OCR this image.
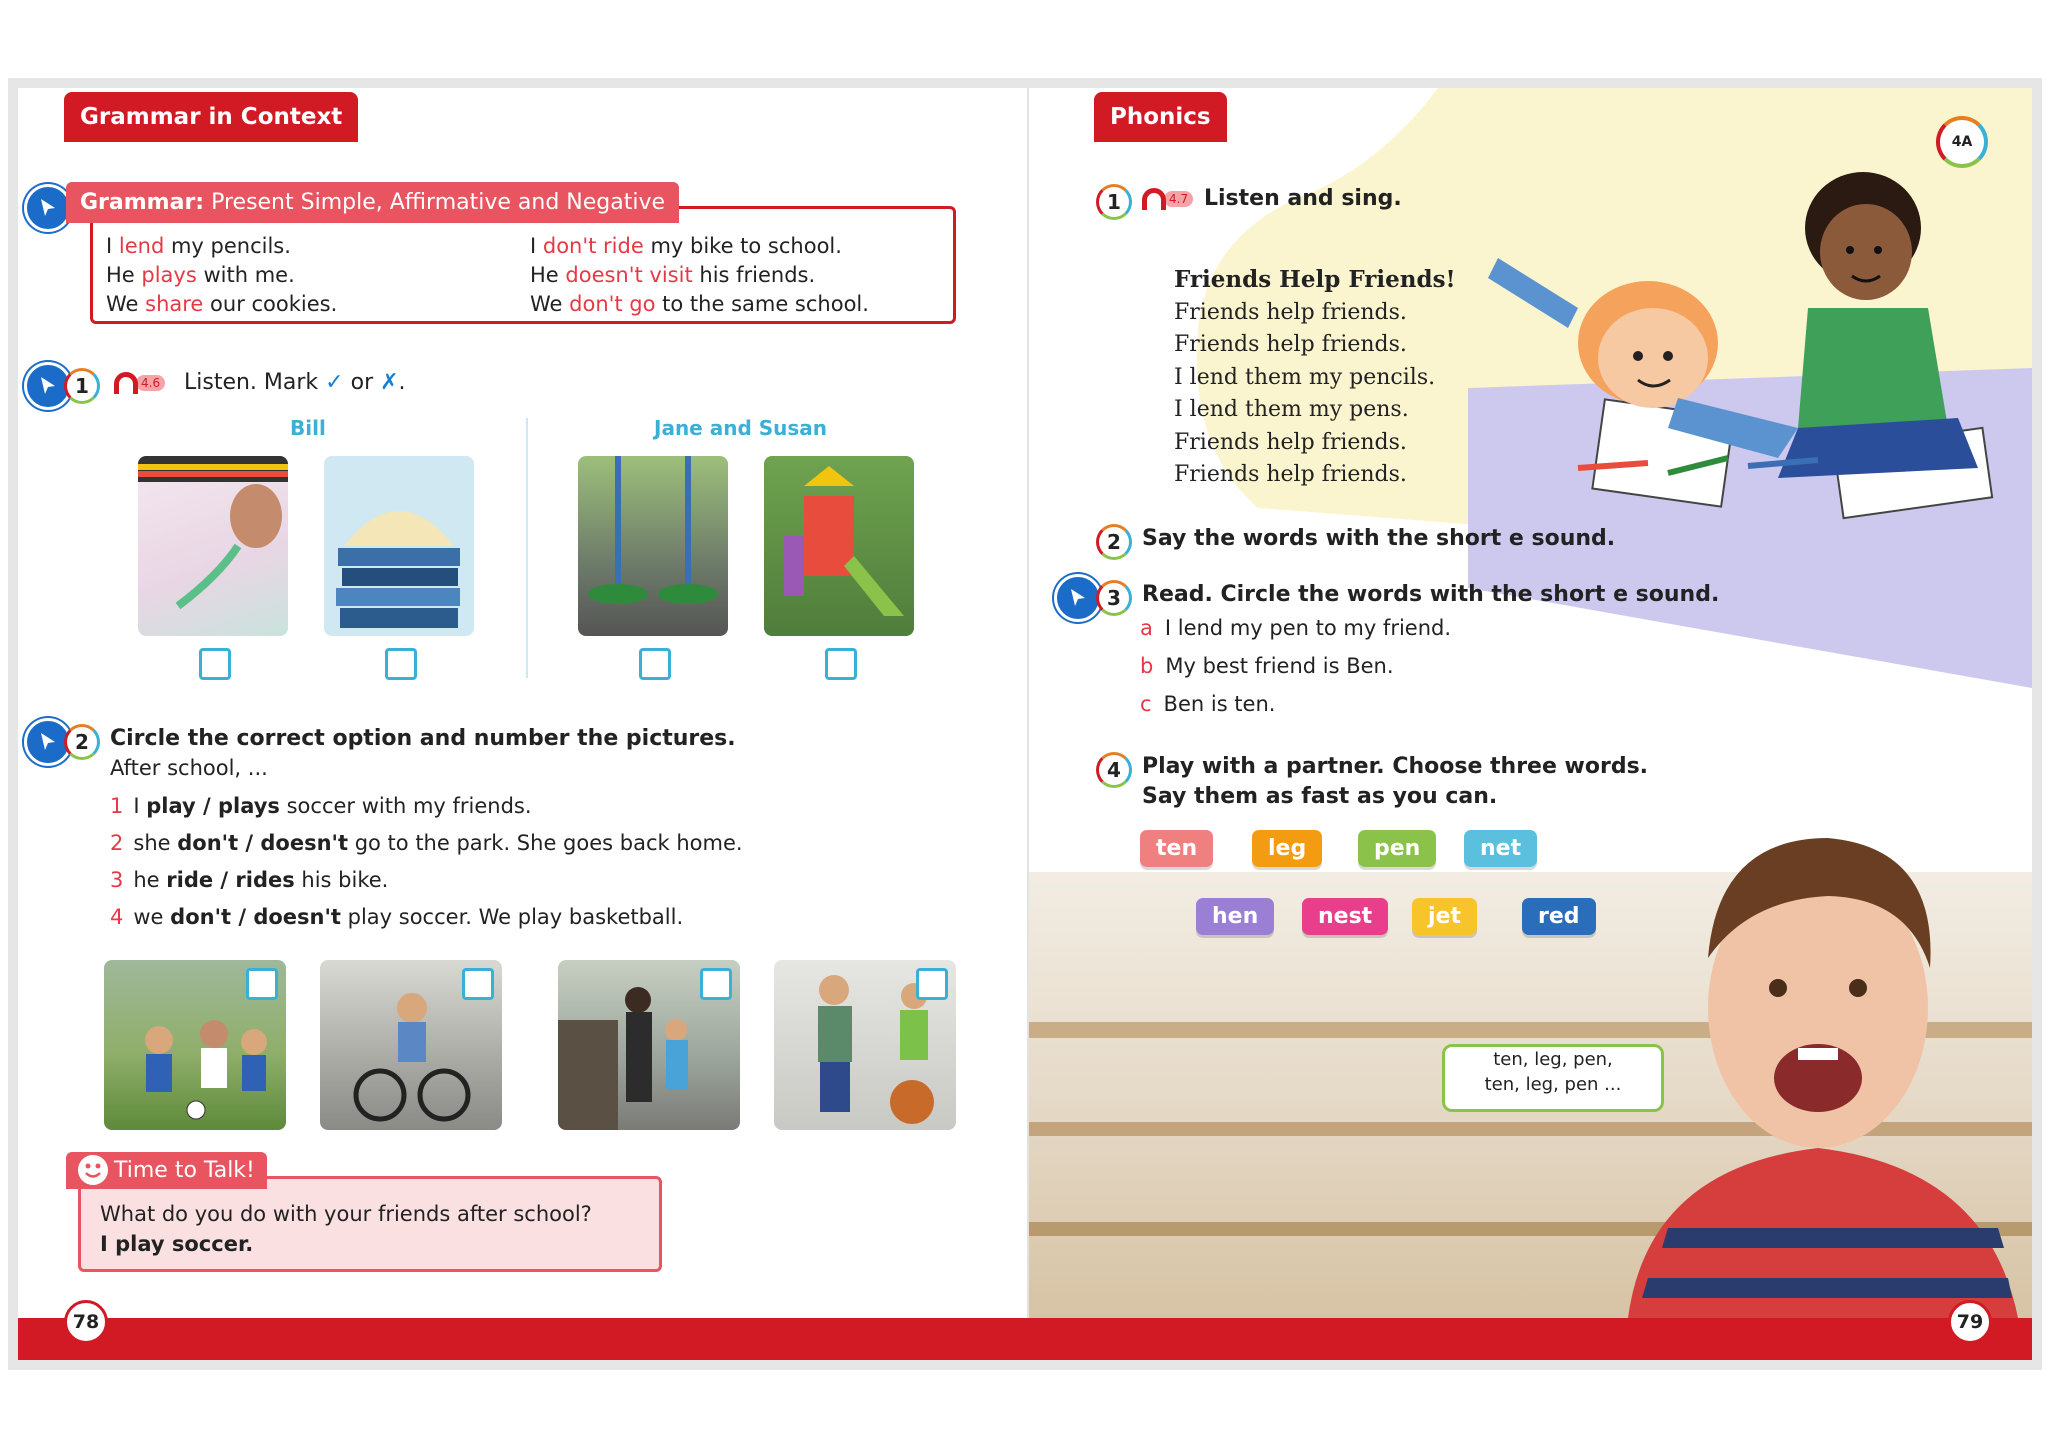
Grammar in Context
Grammar: Present Simple, Affirmative and Negative
I lend my pencils.
He plays with me.
We share our cookies.
I don't ride my bike to school.
He doesn't visit his friends.
We don't go to the same school.
1	4.6 Listen. Mark ✓ or ✗.
Bill	Jane and Susan
2 Circle the correct option and number the pictures.
After school, ...
1 I play / plays soccer with my friends.
2 she don't / doesn't go to the park. She goes back home.
3 he ride / rides his bike.
4 we don't / doesn't play soccer. We play basketball.
Time to Talk!
What do you do with your friends after school?
I play soccer.
Phonics
4A
1	4.7 Listen and sing.
Friends Help Friends!
Friends help friends.
Friends help friends.
I lend them my pencils.
I lend them my pens.
Friends help friends.
Friends help friends.
2 Say the words with the short e sound.
3 Read. Circle the words with the short e sound.
a I lend my pen to my friend.
b My best friend is Ben.
c Ben is ten.
4 Play with a partner. Choose three words.
Say them as fast as you can.
ten	leg	pen	net
hen	nest	jet	red
ten, leg, pen,
ten, leg, pen ...
78	79
